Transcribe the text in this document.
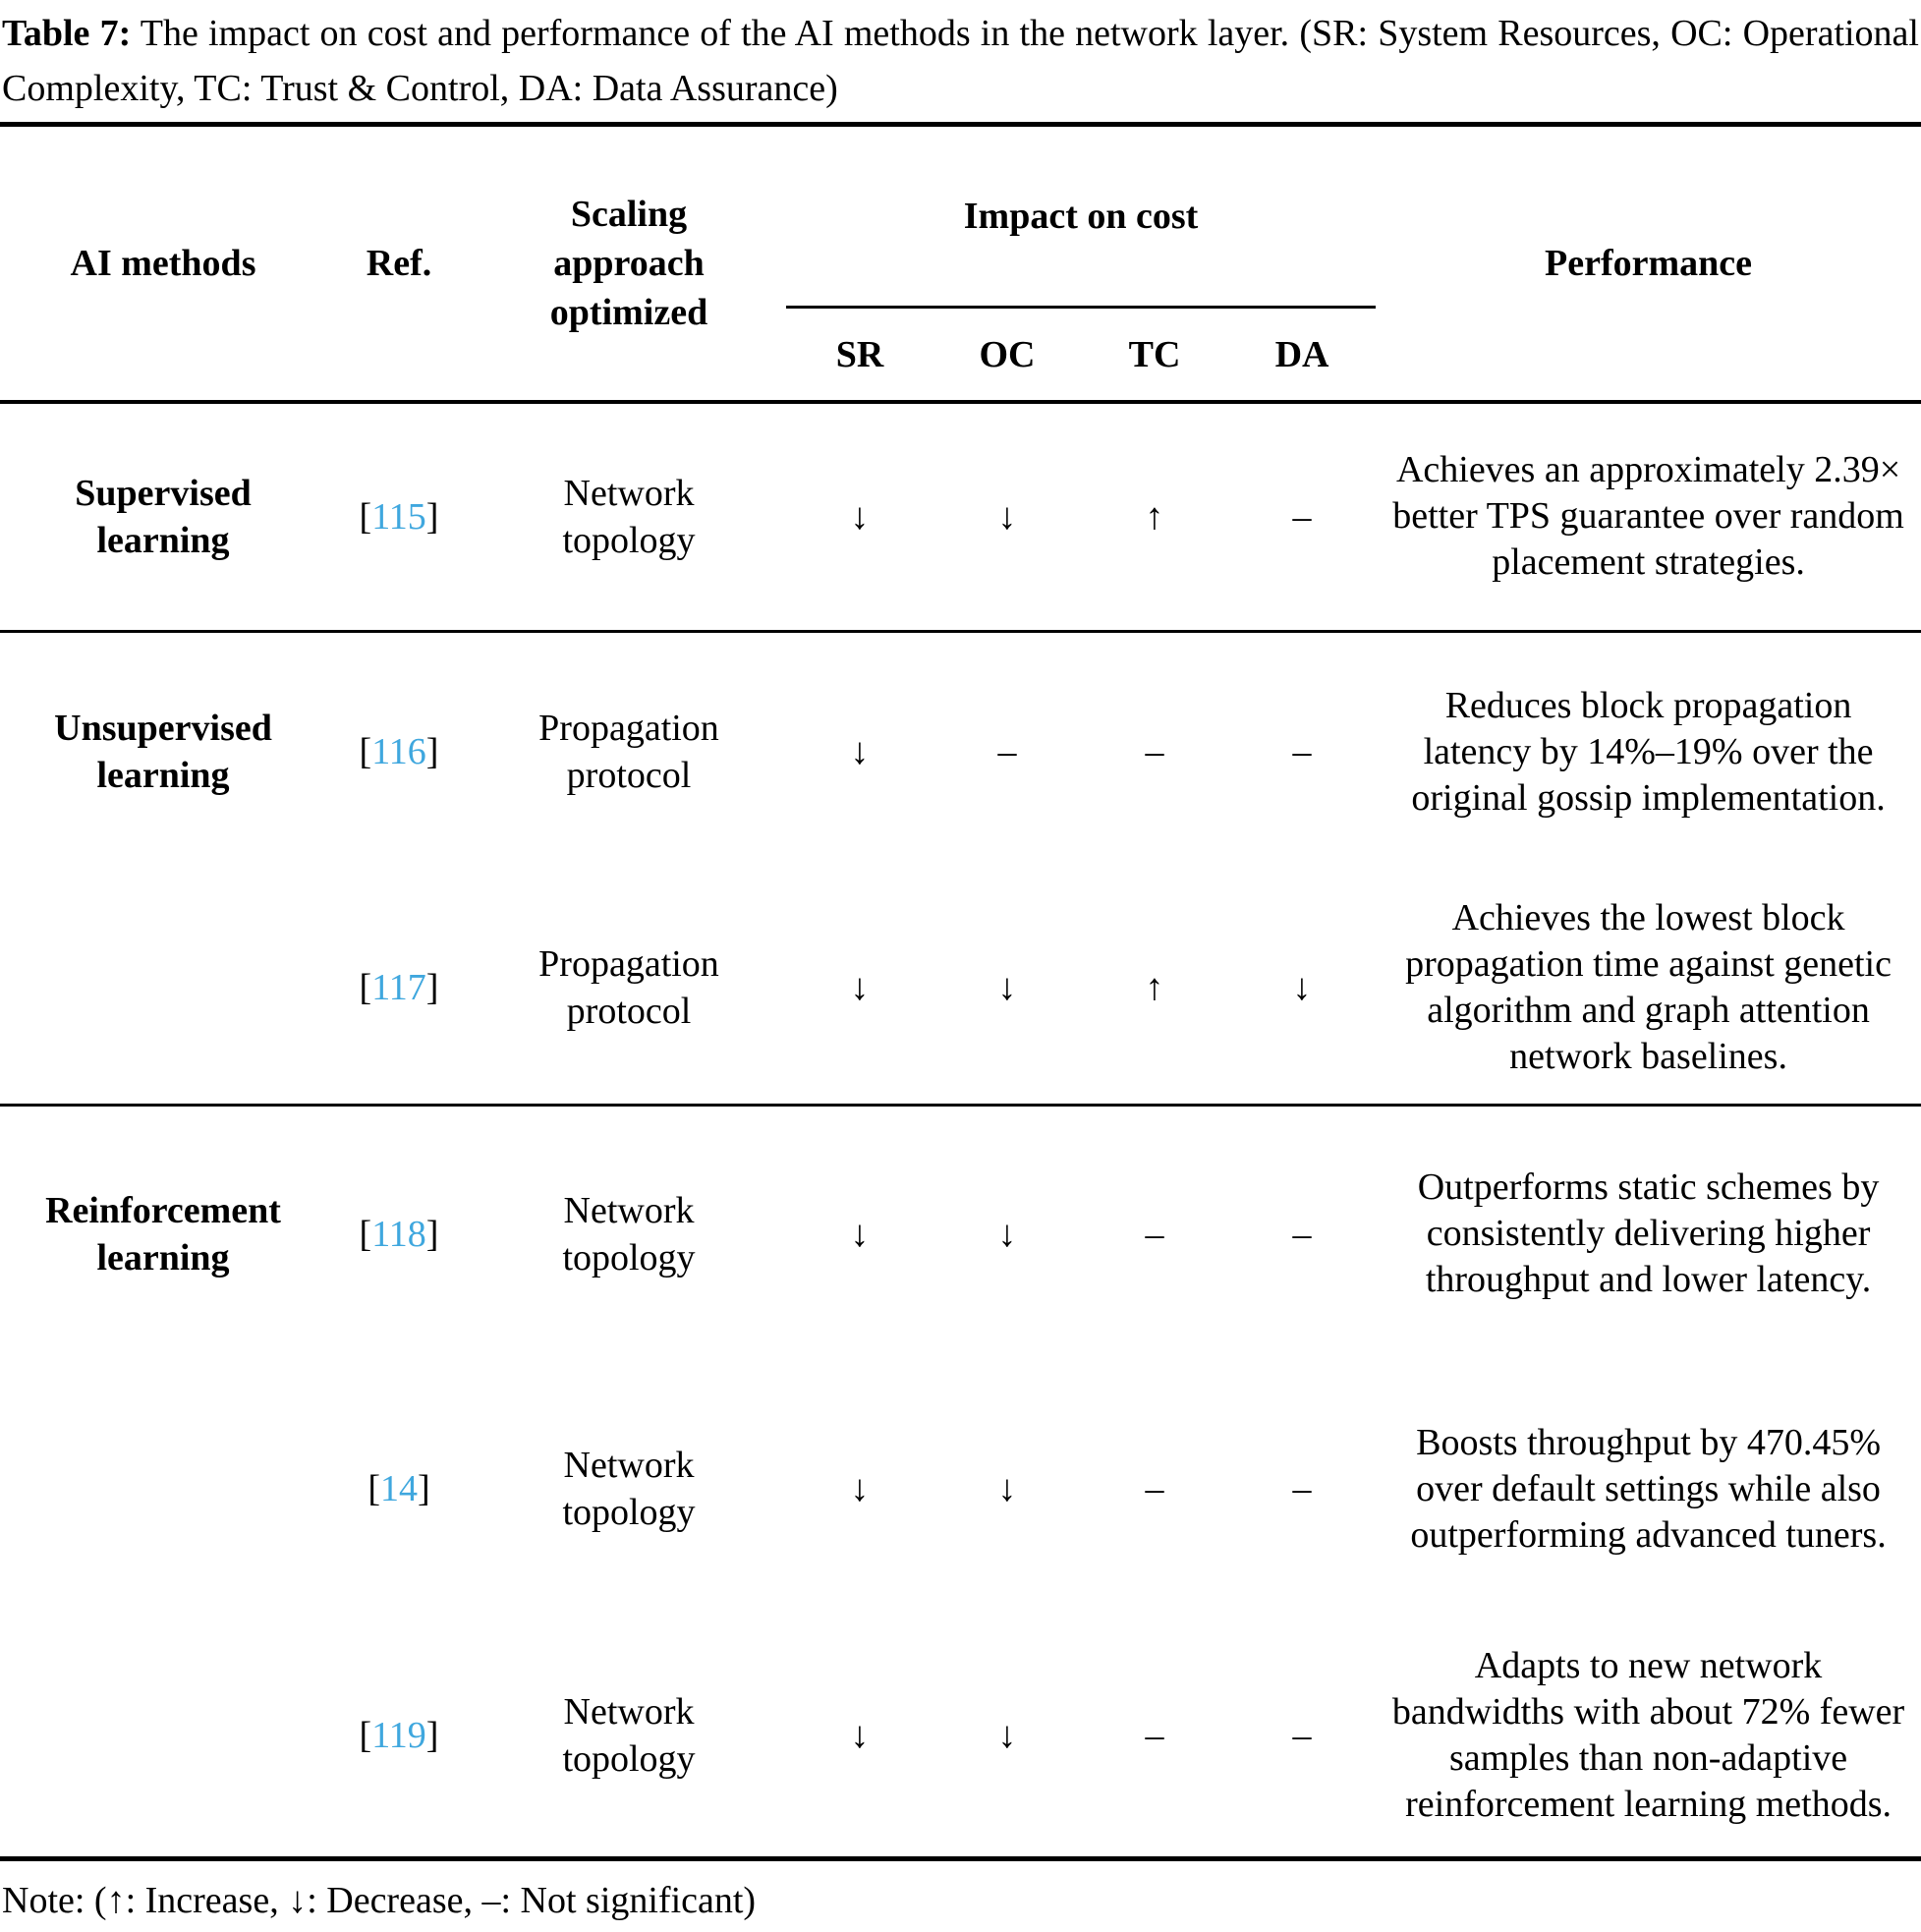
Table 7: The impact on cost and performance of the AI methods in the network layer. (SR: System Resources, OC: Operational Complexity, TC: Trust & Control, DA: Data Assurance)
AI methods	Ref.	Scaling approach optimized	Impact on cost				Performance
			SR	OC	TC	DA	
Supervised learning	[115]	Network topology	↓	↓	↑	–	Achieves an approximately 2.39× better TPS guarantee over random placement strategies.
Unsupervised learning	[116]	Propagation protocol	↓	–	–	–	Reduces block propagation latency by 14%–19% over the original gossip implementation.
	[117]	Propagation protocol	↓	↓	↑	↓	Achieves the lowest block propagation time against genetic algorithm and graph attention network baselines.
Reinforcement learning	[118]	Network topology	↓	↓	–	–	Outperforms static schemes by consistently delivering higher throughput and lower latency.
	[14]	Network topology	↓	↓	–	–	Boosts throughput by 470.45% over default settings while also outperforming advanced tuners.
	[119]	Network topology	↓	↓	–	–	Adapts to new network bandwidths with about 72% fewer samples than non-adaptive reinforcement learning methods.
Note: (↑: Increase, ↓: Decrease, –: Not significant)
